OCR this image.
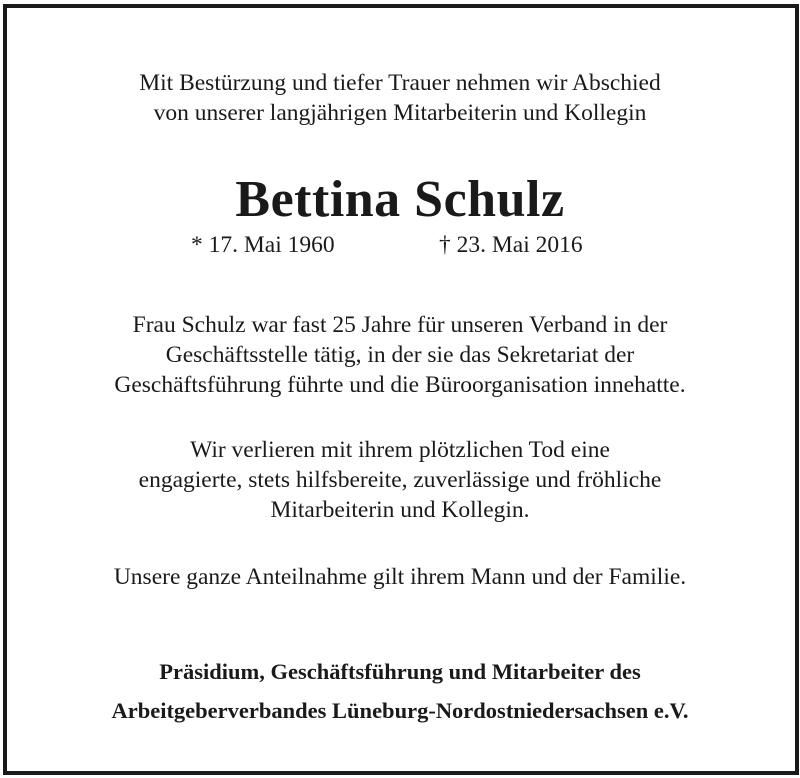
Mit Bestürzung und tiefer Trauer nehmen wir Abschied
von unserer langjährigen Mitarbeiterin und Kollegin
Bettina Schulz
* 17. Mai 1960	† 23. Mai 2016
Frau Schulz war fast 25 Jahre für unseren Verband in der
Geschäftsstelle tätig, in der sie das Sekretariat der
Geschäftsführung führte und die Büroorganisation innehatte.
Wir verlieren mit ihrem plötzlichen Tod eine
engagierte, stets hilfsbereite, zuverlässige und fröhliche
Mitarbeiterin und Kollegin.
Unsere ganze Anteilnahme gilt ihrem Mann und der Familie.
Präsidium, Geschäftsführung und Mitarbeiter des
Arbeitgeberverbandes Lüneburg-Nordostniedersachsen e.V.
